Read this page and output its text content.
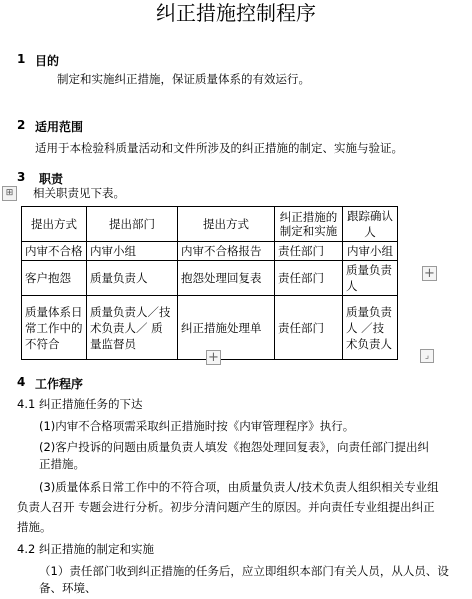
纠正措施控制程序
1 目的
制定和实施纠正措施，保证质量体系的有效运行。
2 适用范围
适用于本检验科质量活动和文件所涉及的纠正措施的制定、实施与验证。
3 职责
⊞	相关职责见下表。
提出方式	提出部门	提出方式	纠正措施的制定和实施	跟踪确认人
内审不合格	内审小组	内审不合格报告	责任部门	内审小组
客户抱怨	质量负责人	抱怨处理回复表	责任部门	质量负责人
质量体系日常工作中的 不符合	质量负责人／技术负责人／ 质量监督员	纠正措施处理单	责任部门	质量负责人 ／技术负责人
+
+	⌟
4 工作程序
4.1 纠正措施任务的下达
(1)内审不合格项需采取纠正措施时按《内审管理程序》执行。
(2)客户投诉的问题由质量负责人填发《抱怨处理回复表》，向责任部门提出纠正措施。
(3)质量体系日常工作中的不符合项，由质量负责人/技术负责人组织相关专业组负责人召开 专题会进行分析。初步分清问题产生的原因。并向责任专业组提出纠正措施。
4.2 纠正措施的制定和实施
（1）责任部门收到纠正措施的任务后，应立即组织本部门有关人员，从人员、设备、环境、
